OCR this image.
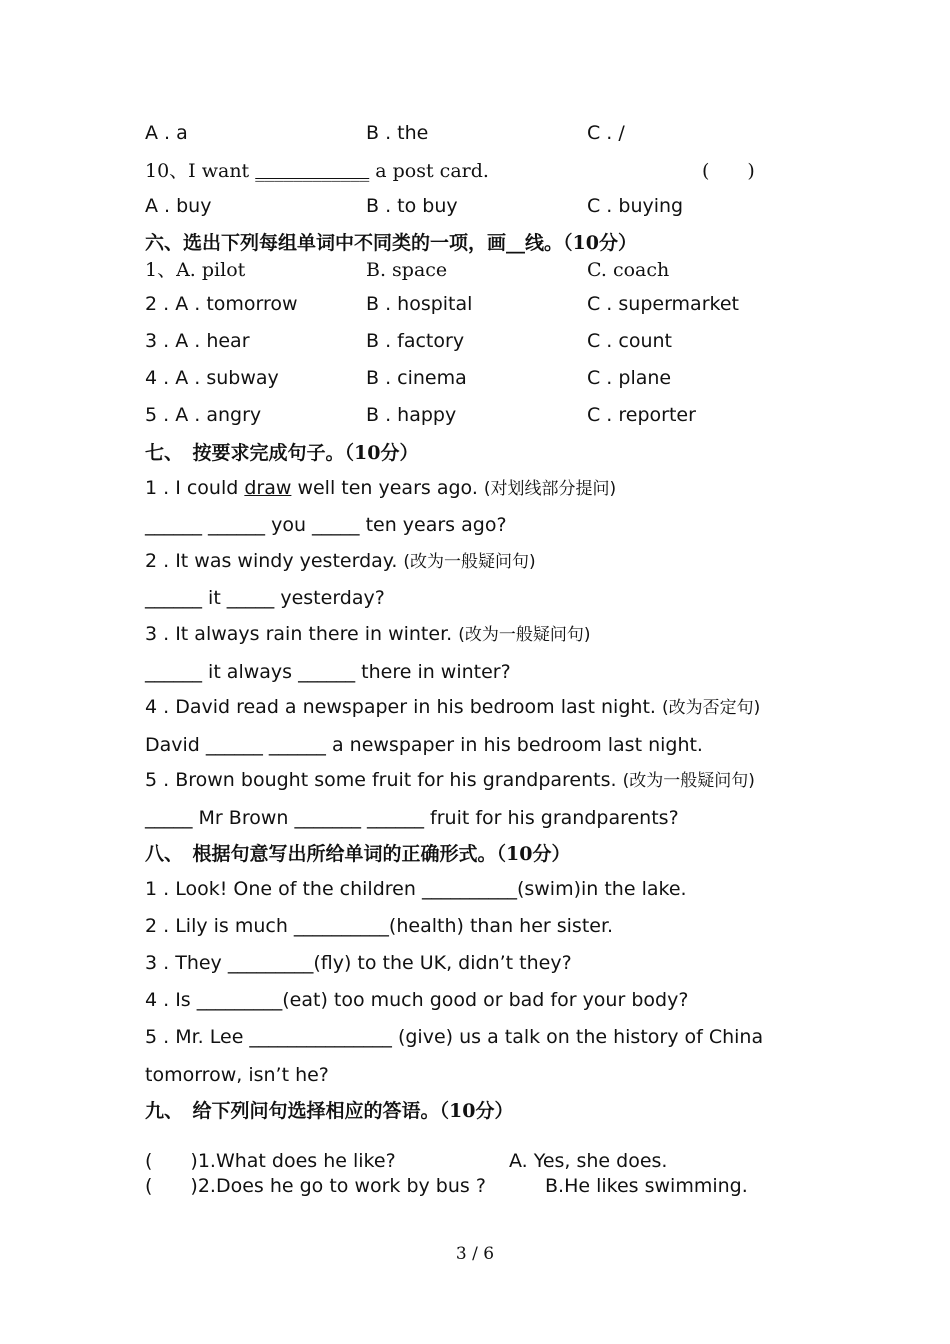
A . a	B . the	C . /
10、I want ____________ a post card.	(　　)
A . buy	B . to buy	C . buying
六、选出下列每组单词中不同类的一项，画__线。（10分）
1、A. pilot	B. space	C. coach
2 . A . tomorrow	B . hospital	C . supermarket
3 . A . hear	B . factory	C . count
4 . A . subway	B . cinema	C . plane
5 . A . angry	B . happy	C . reporter
七、　按要求完成句子。（10分）
1 . I could draw well ten years ago. (对划线部分提问)
______ ______ you _____ ten years ago?
2 . It was windy yesterday. (改为一般疑问句)
______ it _____ yesterday?
3 . It always rain there in winter. (改为一般疑问句)
______ it always ______ there in winter?
4 . David read a newspaper in his bedroom last night. (改为否定句)
David ______ ______ a newspaper in his bedroom last night.
5 . Brown bought some fruit for his grandparents. (改为一般疑问句)
_____ Mr Brown _______ ______ fruit for his grandparents?
八、　根据句意写出所给单词的正确形式。（10分）
1 . Look! One of the children __________(swim)in the lake.
2 . Lily is much __________(health) than her sister.
3 . They _________(fly) to the UK, didn’t they?
4 . Is _________(eat) too much good or bad for your body?
5 . Mr. Lee _______________ (give) us a talk on the history of China
tomorrow, isn’t he?
九、　给下列问句选择相应的答语。（10分）
(　　)1.What does he like?	A. Yes, she does.
(　　)2.Does he go to work by bus ?	B.He likes swimming.
3 / 6
